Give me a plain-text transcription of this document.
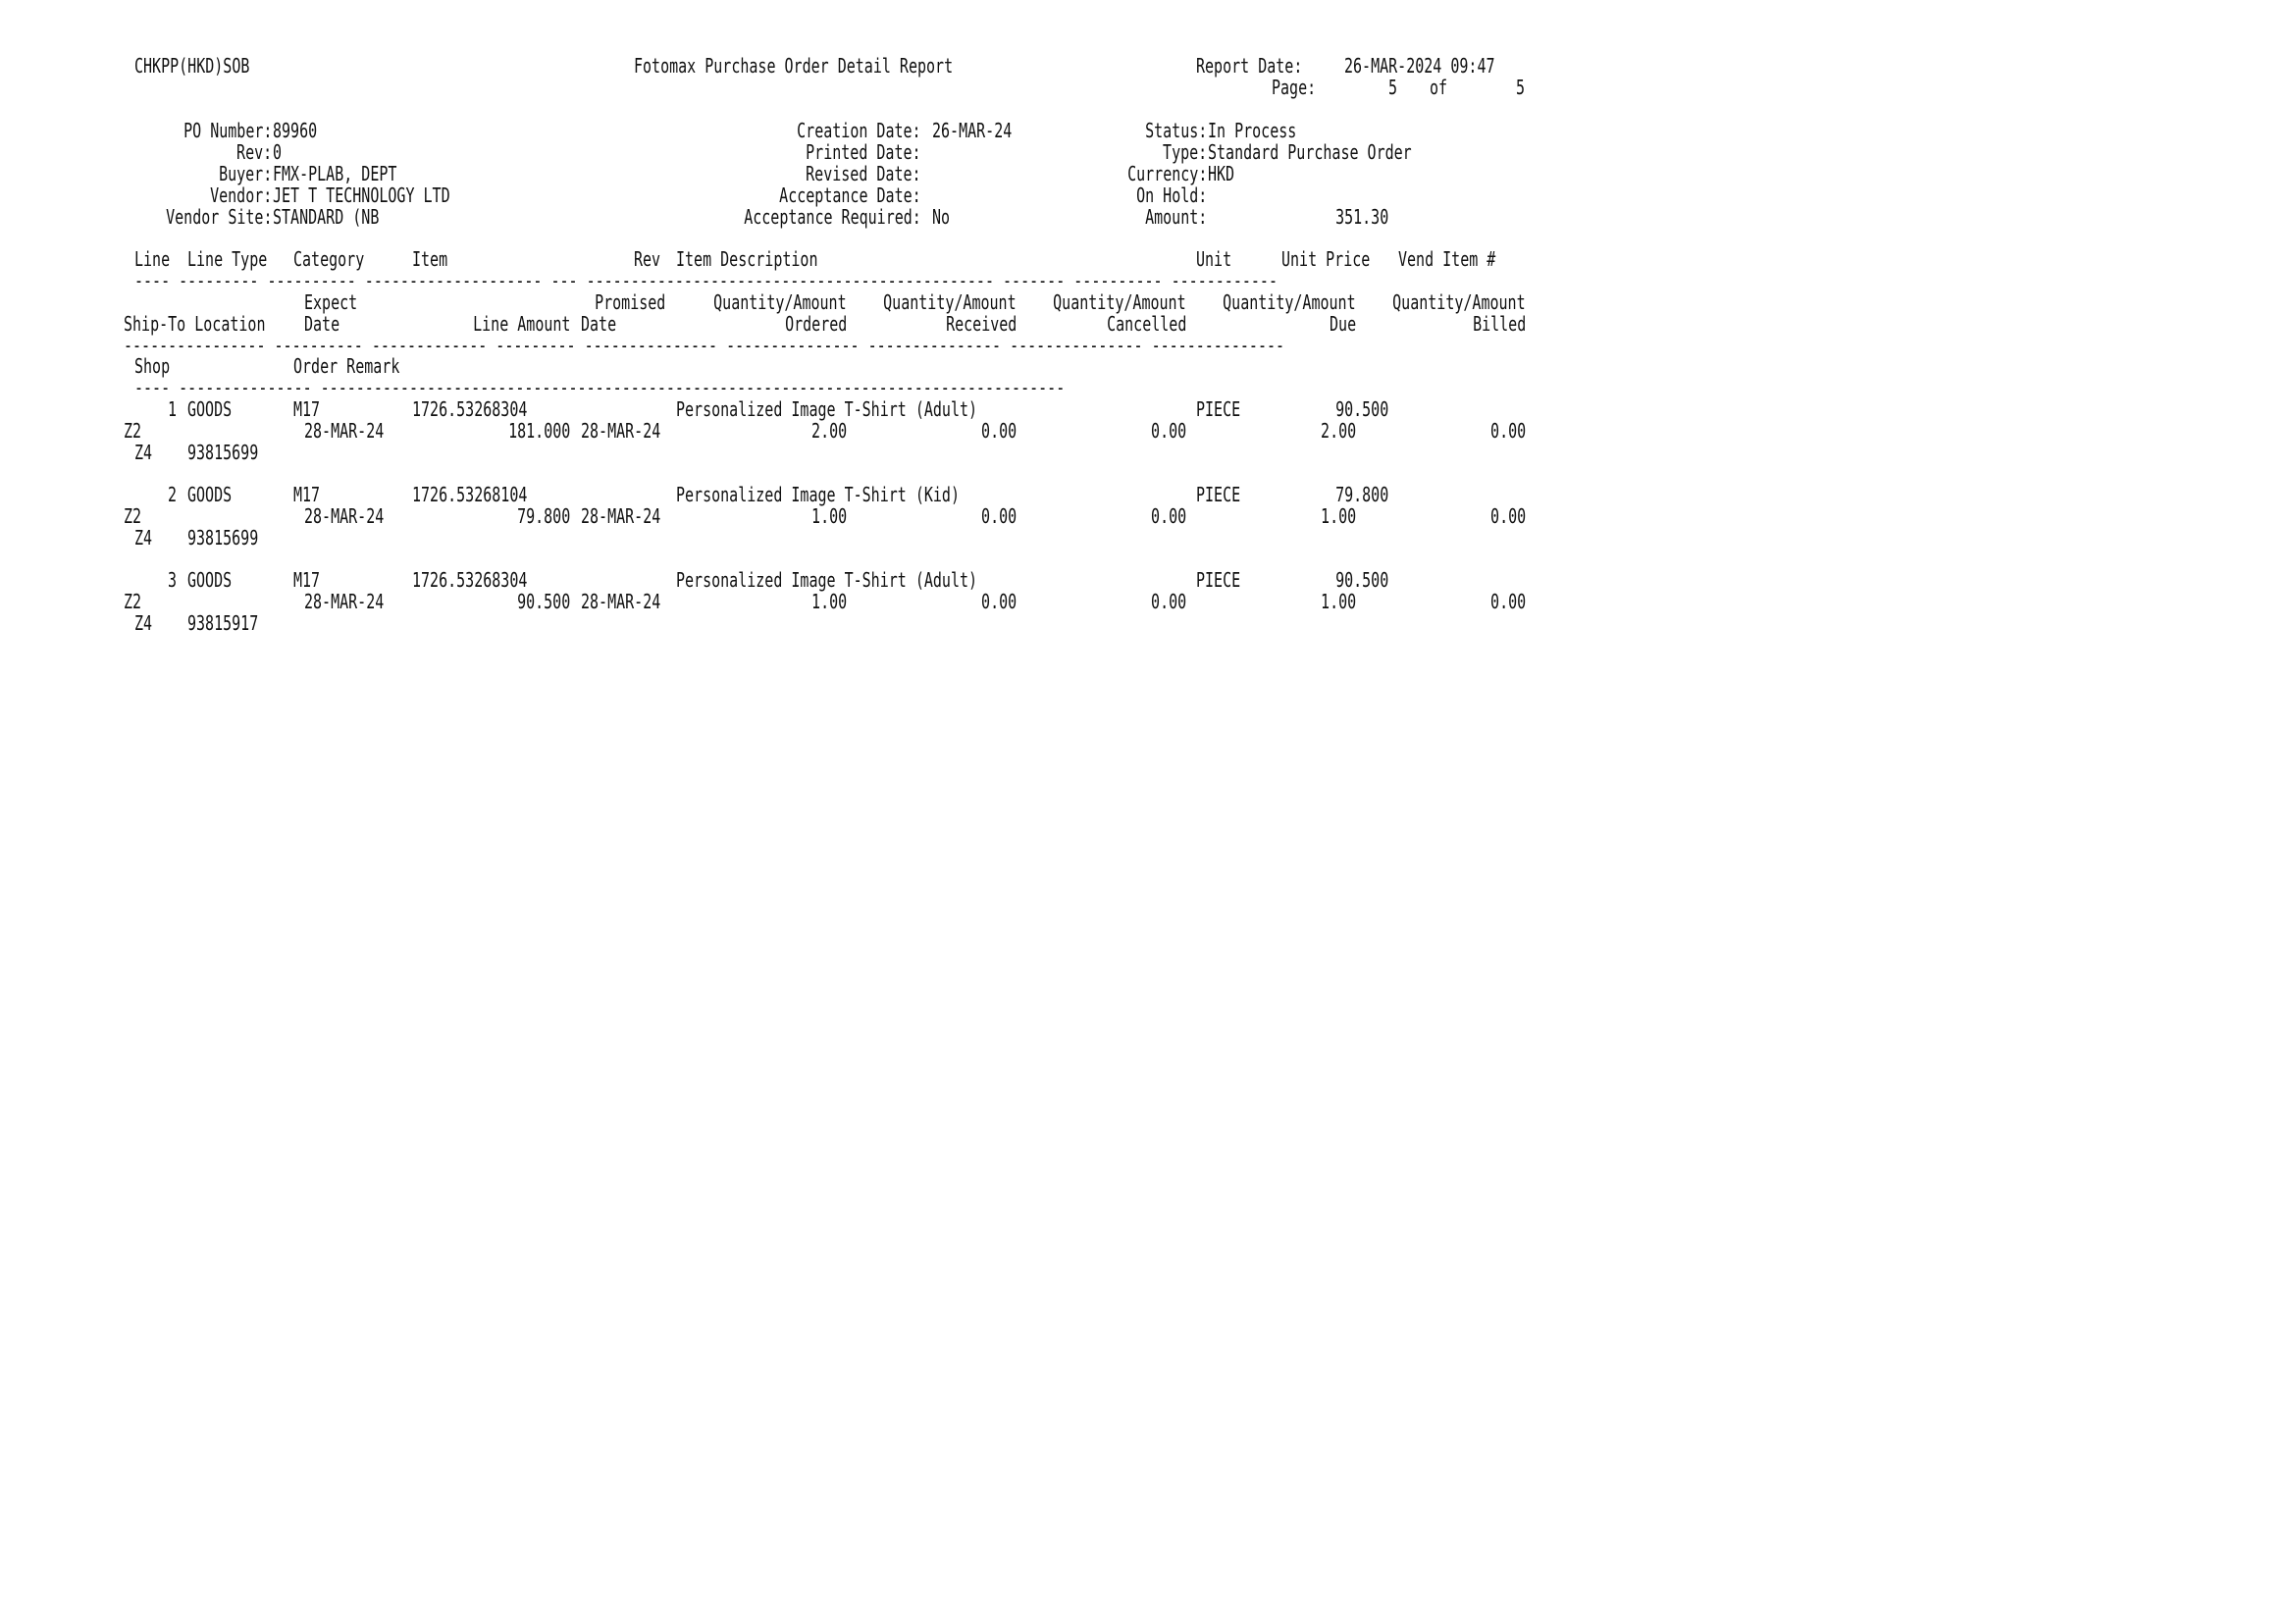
CHKPP(HKD)SOB	Fotomax Purchase Order Detail Report	Report Date: 26-MAR-2024 09:47
Page:	5 of	5
PO Number: 89960
Rev: 0
Buyer: FMX-PLAB, DEPT
Vendor: JET T TECHNOLOGY LTD
Vendor Site: STANDARD (NB
Creation Date: 26-MAR-24
Printed Date:
Revised Date:
Acceptance Date:
Acceptance Required: No
Status: In Process
Type: Standard Purchase Order
Currency: HKD
On Hold:
Amount:	351.30
Line Line Type Category Item	Rev Item Description	Unit	Unit Price Vend Item #
---- --------- ---------- -------------------- --- ---------------------------------------------- ------- ---------- ------------
Expect	Promised Quantity/Amount Quantity/Amount Quantity/Amount Quantity/Amount Quantity/Amount
Ship-To Location Date	Line Amount Date	Ordered	Received	Cancelled	Due	Billed
---------------- ---------- ------------- --------- --------------- --------------- --------------- --------------- ---------------
Shop	Order Remark
---- --------------- ------------------------------------------------------------------------------------
1 GOODS	M17	1726.53268304	Personalized Image T-Shirt (Adult)	PIECE	90.500
Z2	28-MAR-24	181.000 28-MAR-24	2.00	0.00	0.00	2.00	0.00
Z4 93815699
2 GOODS	M17	1726.53268104	Personalized Image T-Shirt (Kid)	PIECE	79.800
Z2	28-MAR-24	79.800 28-MAR-24	1.00	0.00	0.00	1.00	0.00
Z4 93815699
3 GOODS	M17	1726.53268304	Personalized Image T-Shirt (Adult)	PIECE	90.500
Z2	28-MAR-24	90.500 28-MAR-24	1.00	0.00	0.00	1.00	0.00
Z4 93815917
